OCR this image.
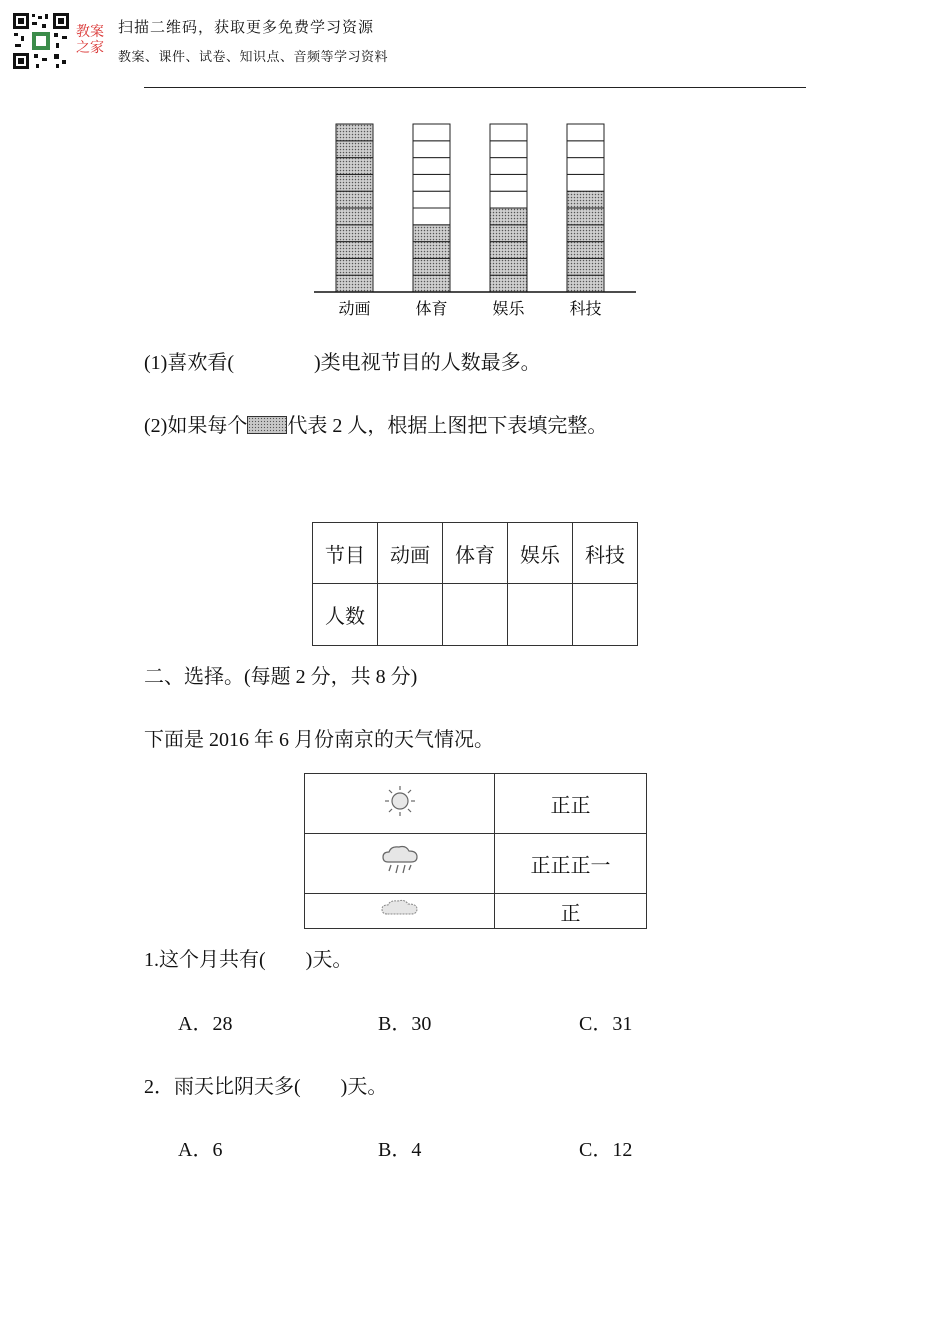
教案
之家
扫描二维码，获取更多免费学习资源
教案、课件、试卷、知识点、音频等学习资料
动画	体育	娱乐	科技
(1)喜欢看(　　　　)类电视节目的人数最多。
(2)如果每个 代表 2 人，根据上图把下表填完整。
节目	动画	体育	娱乐	科技
人数				
二、选择。(每题 2 分，共 8 分)
下面是 2016 年 6 月份南京的天气情况。
	正正
	正正正一
	正
1.这个月共有(　　)天。
A．28	B．30	C．31
2．雨天比阴天多(　　)天。
A．6	B．4	C．12
